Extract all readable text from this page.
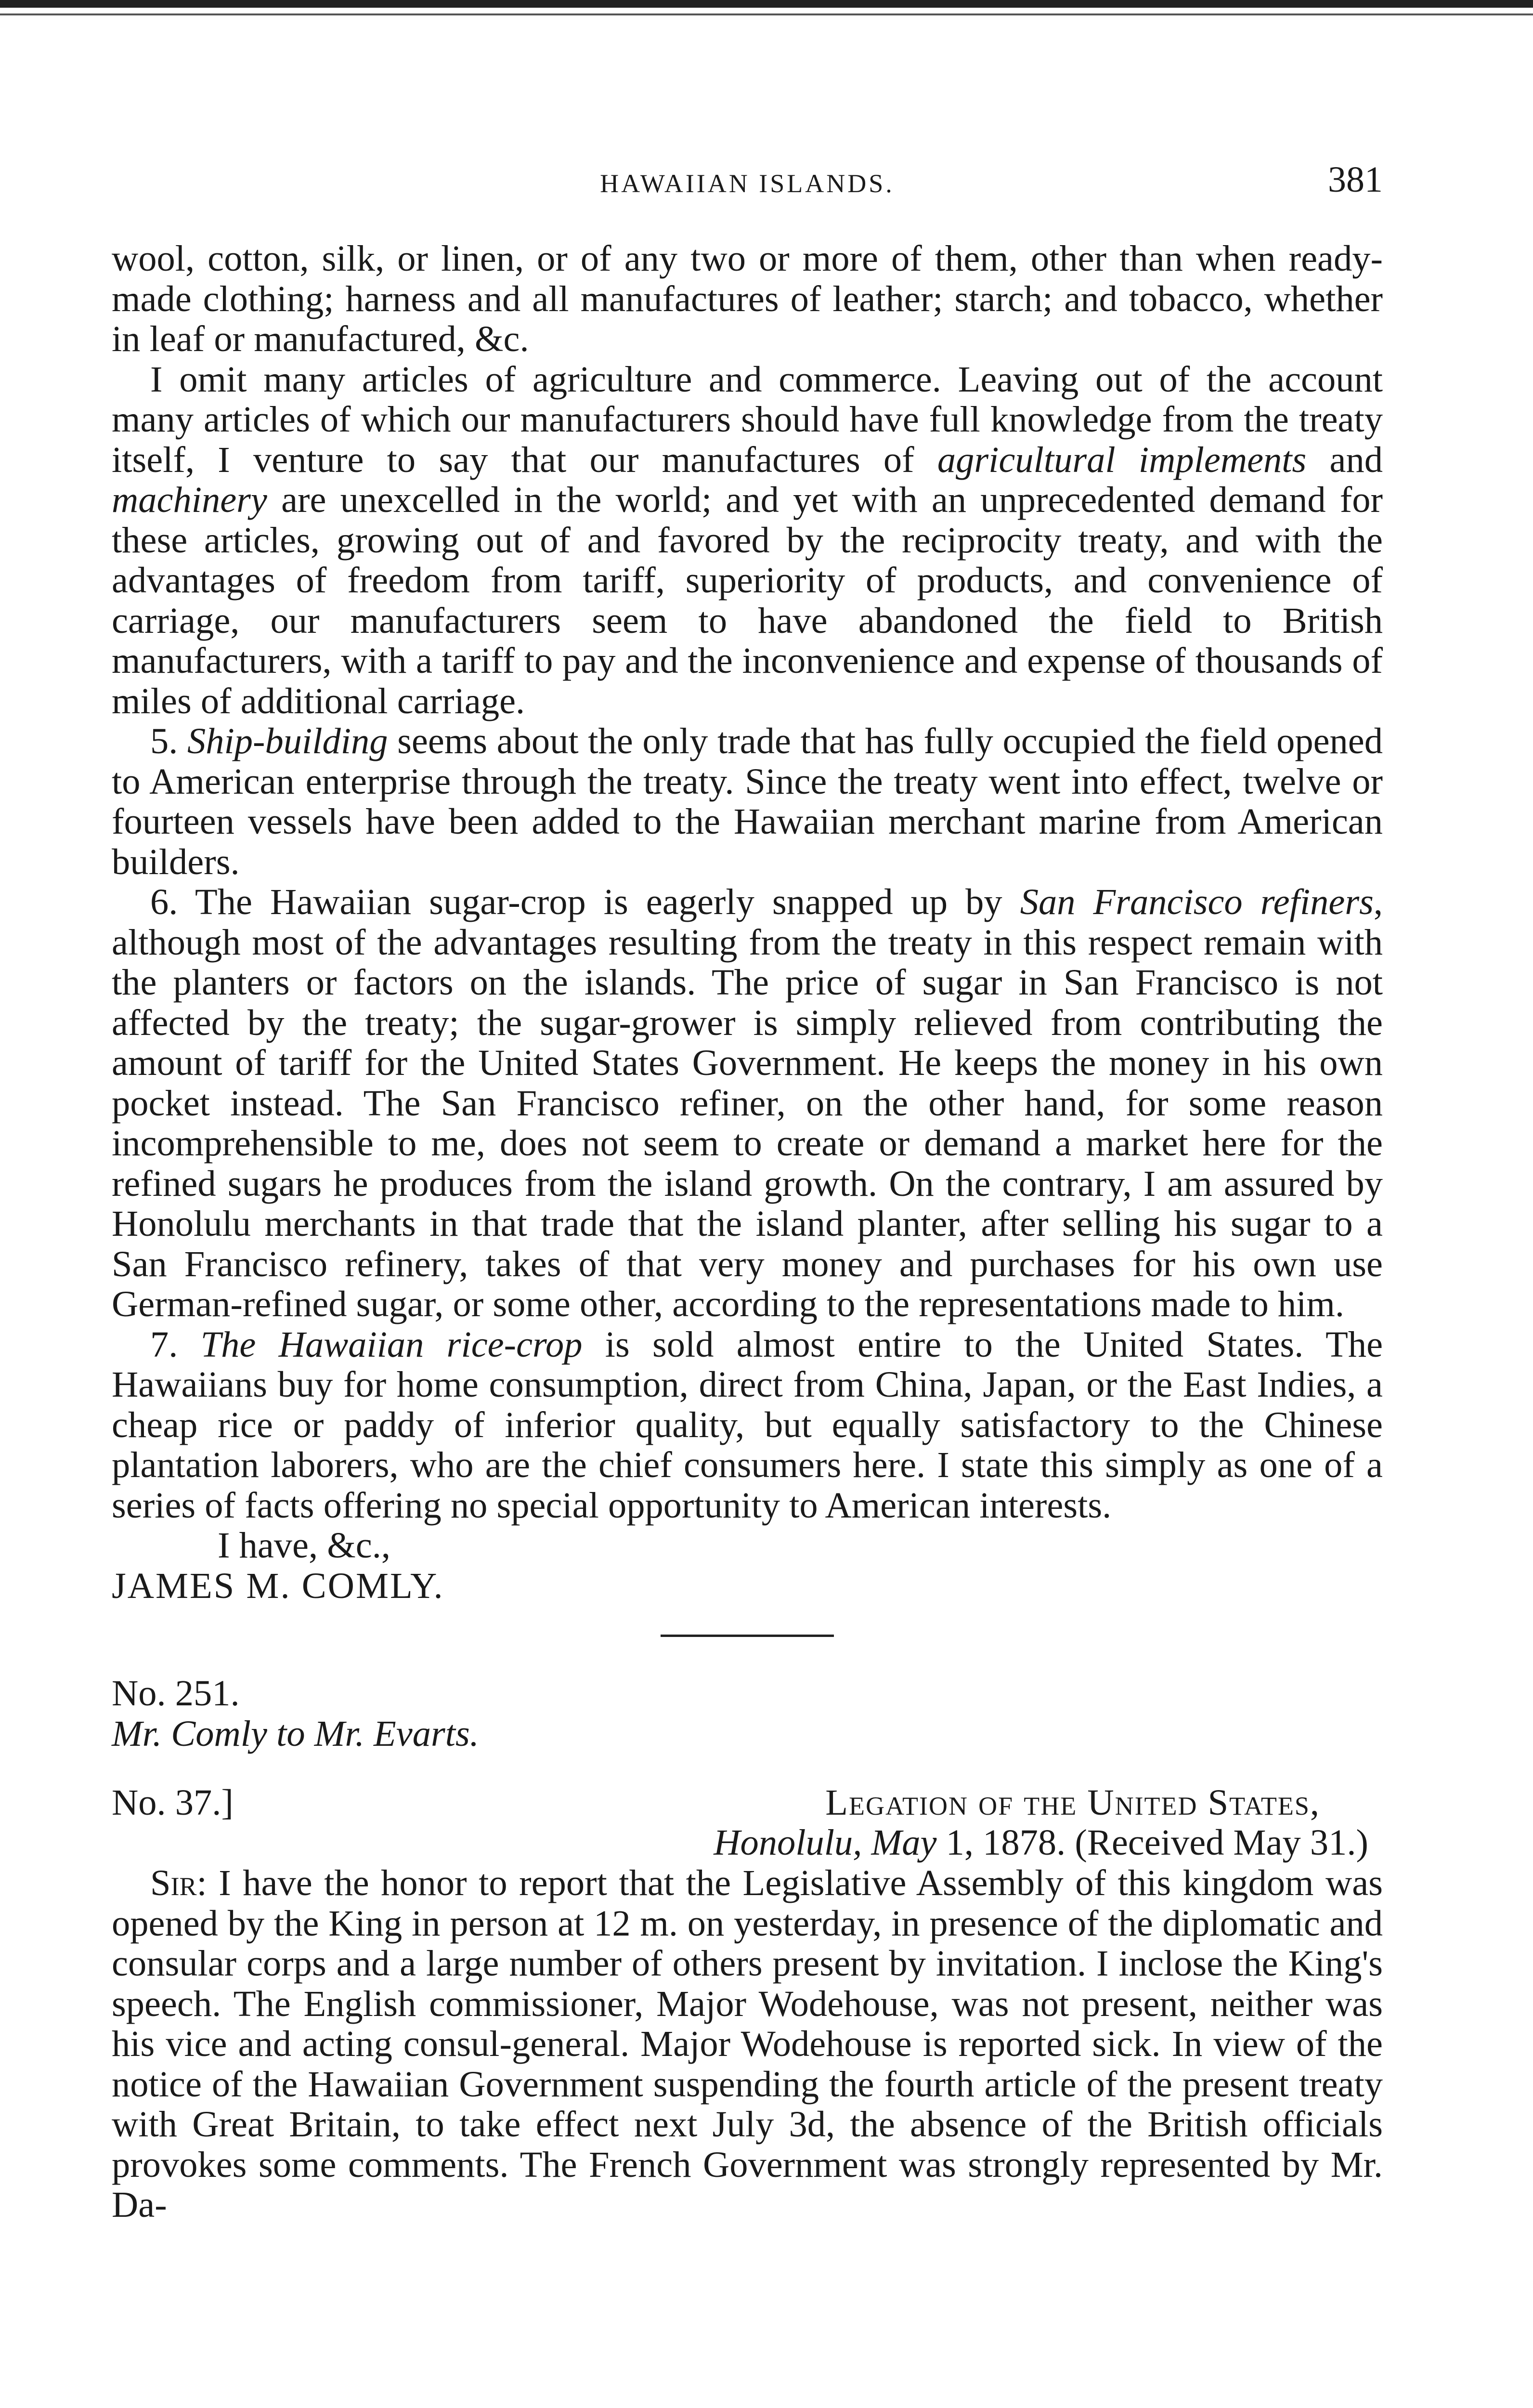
HAWAIIAN ISLANDS.	381

wool, cotton, silk, or linen, or of any two or more of them, other than when ready-made clothing; harness and all manufactures of leather; starch; and tobacco, whether in leaf or manufactured, &c.

I omit many articles of agriculture and commerce. Leaving out of the account many articles of which our manufacturers should have full knowledge from the treaty itself, I venture to say that our manufactures of agricultural implements and machinery are unexcelled in the world; and yet with an unprecedented demand for these articles, growing out of and favored by the reciprocity treaty, and with the advantages of freedom from tariff, superiority of products, and convenience of carriage, our manufacturers seem to have abandoned the field to British manufacturers, with a tariff to pay and the inconvenience and expense of thousands of miles of additional carriage.

5. Ship-building seems about the only trade that has fully occupied the field opened to American enterprise through the treaty. Since the treaty went into effect, twelve or fourteen vessels have been added to the Hawaiian merchant marine from American builders.

6. The Hawaiian sugar-crop is eagerly snapped up by San Francisco refiners, although most of the advantages resulting from the treaty in this respect remain with the planters or factors on the islands. The price of sugar in San Francisco is not affected by the treaty; the sugar-grower is simply relieved from contributing the amount of tariff for the United States Government. He keeps the money in his own pocket instead. The San Francisco refiner, on the other hand, for some reason incomprehensible to me, does not seem to create or demand a market here for the refined sugars he produces from the island growth. On the contrary, I am assured by Honolulu merchants in that trade that the island planter, after selling his sugar to a San Francisco refinery, takes of that very money and purchases for his own use German-refined sugar, or some other, according to the representations made to him.

7. The Hawaiian rice-crop is sold almost entire to the United States. The Hawaiians buy for home consumption, direct from China, Japan, or the East Indies, a cheap rice or paddy of inferior quality, but equally satisfactory to the Chinese plantation laborers, who are the chief consumers here. I state this simply as one of a series of facts offering no special opportunity to American interests.

I have, &c.,

JAMES M. COMLY.

No. 251.

Mr. Comly to Mr. Evarts.

No. 37.]	Legation of the United States,
Honolulu, May 1, 1878. (Received May 31.)

Sir: I have the honor to report that the Legislative Assembly of this kingdom was opened by the King in person at 12 m. on yesterday, in presence of the diplomatic and consular corps and a large number of others present by invitation. I inclose the King's speech. The English commissioner, Major Wodehouse, was not present, neither was his vice and acting consul-general. Major Wodehouse is reported sick. In view of the notice of the Hawaiian Government suspending the fourth article of the present treaty with Great Britain, to take effect next July 3d, the absence of the British officials provokes some comments. The French Government was strongly represented by Mr. Da-
